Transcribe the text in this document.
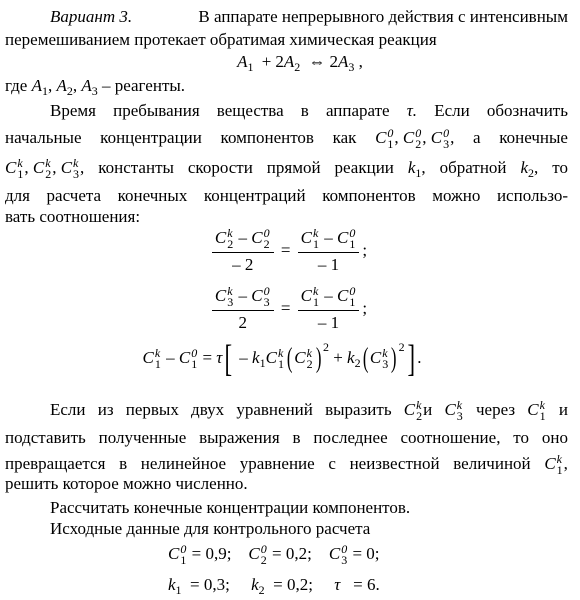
Вариант 3.	В аппарате непрерывного действия с интенсивным
перемешиванием протекает обратимая химическая реакция
$A_1 + 2A_2$ ⇔ $2A_3$ ,
где $A_1$, $A_2$, $A_3$ – реагенты.
Время пребывания вещества в аппарате τ. Если обозначить
начальные концентрации компонентов как C 0
1 , C 0
2 , C 0
3 , а конечные
C k
1 , C k
2 , C k
3 , константы скорости прямой реакции $k_1$, обратной $k_2$, то
для расчета конечных концентраций компонентов можно использо-
вать соотношения:
C k
2 – C 0
2
– 2 = C k
1 – C 0
1
– 1 ;
C k
3 – C 0
3
2 = C k
1 – C 0
1
– 1 ;
C k
1 – C 0
$1 = \tau[ - k_1C$ k
1 ( C k
2 ) $^2 + k_2$( C k
3 ) $^2$] .
Если из первых двух уравнений выразить C k
2 и C k
3 через C k
1 и
подставить полученные выражения в последнее соотношение, то оно
превращается в нелинейное уравнение с неизвестной величиной C k
1 ,
решить которое можно численно.
Рассчитать конечные концентрации компонентов.
Исходные данные для контрольного расчета
C 0
1 = 0,9;    C 0
2 = 0,2;    C 0
3 = 0;
$k_1 = 0,3$;     $k_2 = 0,2$;     τ   = 6.
